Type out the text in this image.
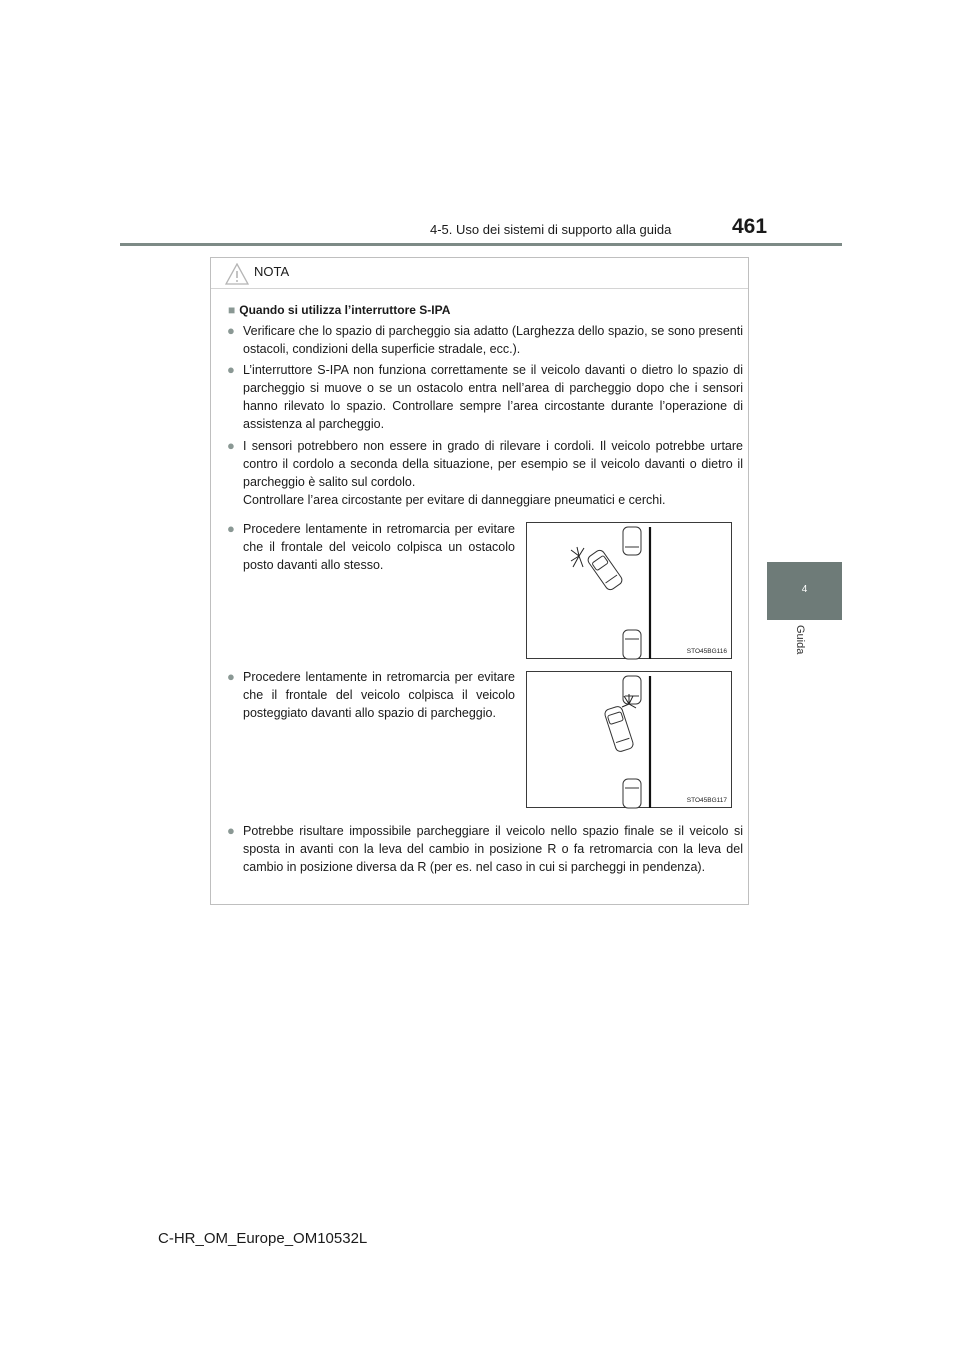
4-5. Uso dei sistemi di supporto alla guida	461
4
Guida
NOTA
■ Quando si utilizza l’interruttore S-IPA
● Verificare che lo spazio di parcheggio sia adatto (Larghezza dello spazio, se sono presenti ostacoli, condizioni della superficie stradale, ecc.).

● L’interruttore S-IPA non funziona correttamente se il veicolo davanti o dietro lo spazio di parcheggio si muove o se un ostacolo entra nell’area di parcheggio dopo che i sensori hanno rilevato lo spazio. Controllare sempre l’area circostante durante l’operazione di assistenza al parcheggio.

● I sensori potrebbero non essere in grado di rilevare i cordoli. Il veicolo potrebbe urtare contro il cordolo a seconda della situazione, per esempio se il veicolo davanti o dietro il parcheggio è salito sul cordolo.

Controllare l’area circostante per evitare di danneggiare pneumatici e cerchi.

● Procedere lentamente in retromarcia per evitare che il frontale del veicolo colpisca un ostacolo posto davanti allo stesso.

STO45BG116
● Procedere lentamente in retromarcia per evitare che il frontale del veicolo colpisca il veicolo posteggiato davanti allo spazio di parcheggio.

STO45BG117
● Potrebbe risultare impossibile parcheggiare il veicolo nello spazio finale se il veicolo si sposta in avanti con la leva del cambio in posizione R o fa retromarcia con la leva del cambio in posizione diversa da R (per es. nel caso in cui si parcheggi in pendenza).

C-HR_OM_Europe_OM10532L
